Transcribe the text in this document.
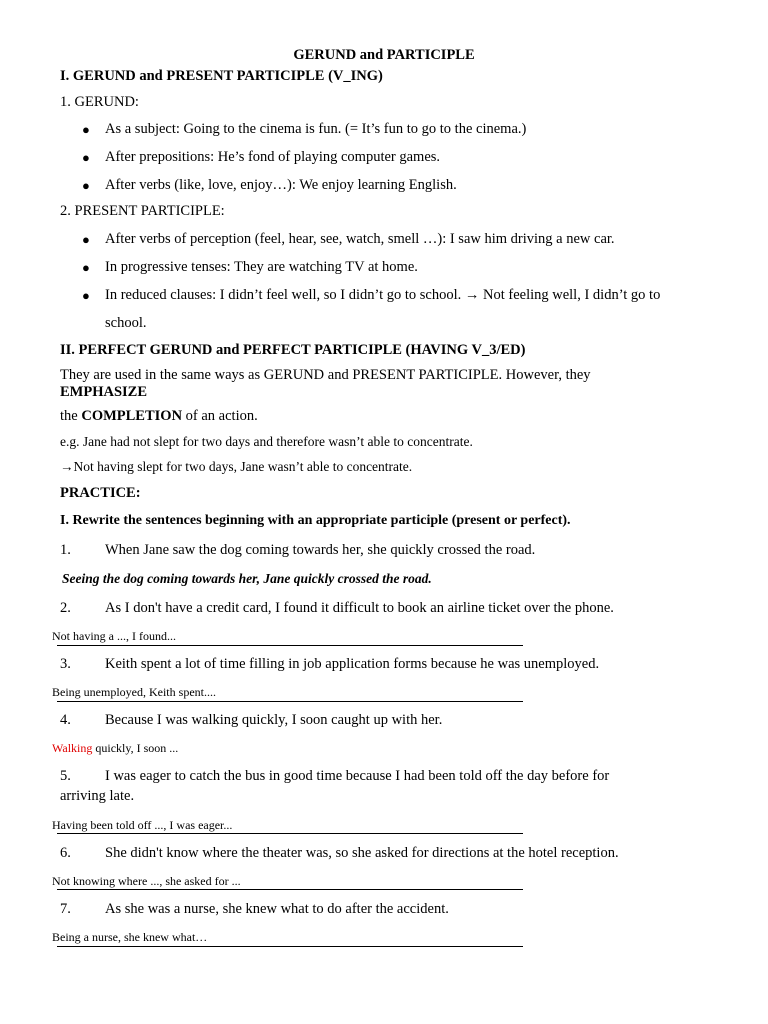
GERUND and PARTICIPLE
I. GERUND and PRESENT PARTICIPLE (V_ING)
1. GERUND:
● As a subject: Going to the cinema is fun. (= It’s fun to go to the cinema.)
● After prepositions: He’s fond of playing computer games.
● After verbs (like, love, enjoy…): We enjoy learning English.
2. PRESENT PARTICIPLE:
● After verbs of perception (feel, hear, see, watch, smell …): I saw him driving a new car.
● In progressive tenses: They are watching TV at home.
● In reduced clauses: I didn’t feel well, so I didn’t go to school. → Not feeling well, I didn’t go to
school.
II. PERFECT GERUND and PERFECT PARTICIPLE (HAVING V_3/ED)
They are used in the same ways as GERUND and PRESENT PARTICIPLE. However, they
EMPHASIZE
the COMPLETION of an action.
e.g. Jane had not slept for two days and therefore wasn’t able to concentrate.
→Not having slept for two days, Jane wasn’t able to concentrate.
PRACTICE:
I. Rewrite the sentences beginning with an appropriate participle (present or perfect).
1. When Jane saw the dog coming towards her, she quickly crossed the road.
Seeing the dog coming towards her, Jane quickly crossed the road.
2. As I don't have a credit card, I found it difficult to book an airline ticket over the phone.
Not having a ..., I found...
3. Keith spent a lot of time filling in job application forms because he was unemployed.
Being unemployed, Keith spent....
4. Because I was walking quickly, I soon caught up with her.
Walking quickly, I soon ...
5. I was eager to catch the bus in good time because I had been told off the day before for
arriving late.
Having been told off ..., I was eager...
6. She didn't know where the theater was, so she asked for directions at the hotel reception.
Not knowing where ..., she asked for ...
7. As she was a nurse, she knew what to do after the accident.
Being a nurse, she knew what…
